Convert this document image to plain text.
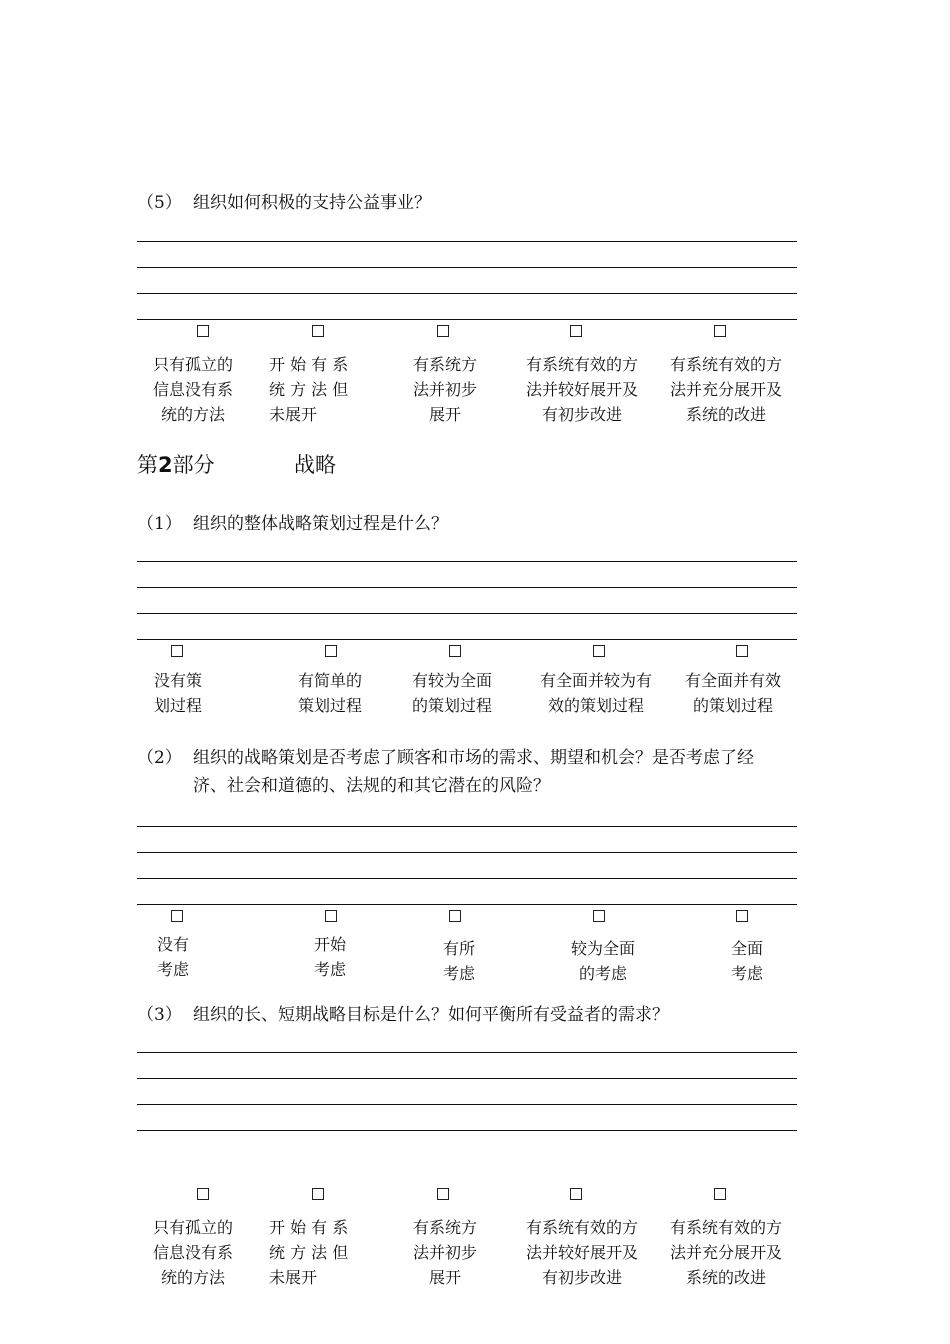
（5） 组织如何积极的支持公益事业？
只有孤立的
信息没有系
统的方法
开 始 有 系
统 方 法 但
未展开
有系统方
法并初步
展开
有系统有效的方
法并较好展开及
有初步改进
有系统有效的方
法并充分展开及
系统的改进
第2部分	战略
（1） 组织的整体战略策划过程是什么？
没有策
划过程
有简单的
策划过程
有较为全面
的策划过程
有全面并较为有
效的策划过程
有全面并有效
的策划过程
（2） 组织的战略策划是否考虑了顾客和市场的需求、期望和机会？是否考虑了经
济、社会和道德的、法规的和其它潜在的风险？
没有
考虑
开始
考虑
有所
考虑
较为全面
的考虑
全面
考虑
（3） 组织的长、短期战略目标是什么？如何平衡所有受益者的需求？
只有孤立的
信息没有系
统的方法
开 始 有 系
统 方 法 但
未展开
有系统方
法并初步
展开
有系统有效的方
法并较好展开及
有初步改进
有系统有效的方
法并充分展开及
系统的改进
